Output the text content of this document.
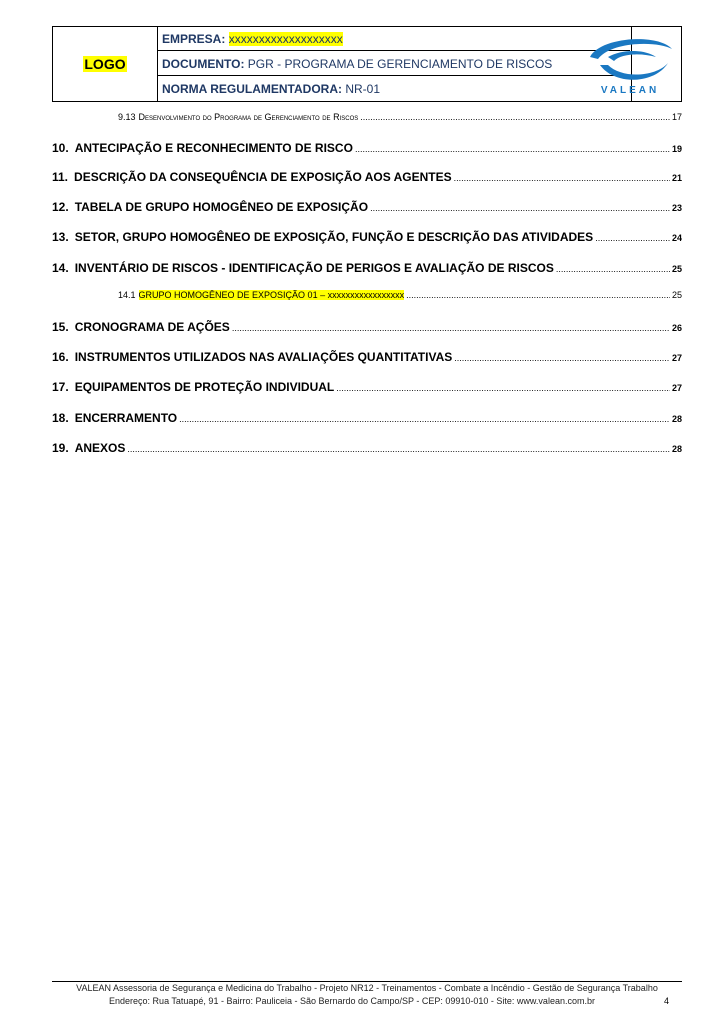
LOGO
EMPRESA: xxxxxxxxxxxxxxxxxxx
DOCUMENTO: PGR - PROGRAMA DE GERENCIAMENTO DE RISCOS
NORMA REGULAMENTADORA: NR-01	VALEAN
9.13 Desenvolvimento do Programa de Gerenciamento de Riscos .....	17
10. ANTECIPAÇÃO E RECONHECIMENTO DE RISCO .....	19
11. DESCRIÇÃO DA CONSEQUÊNCIA DE EXPOSIÇÃO AOS AGENTES .....	21
12. TABELA DE GRUPO HOMOGÊNEO DE EXPOSIÇÃO .....	23
13. SETOR, GRUPO HOMOGÊNEO DE EXPOSIÇÃO, FUNÇÃO E DESCRIÇÃO DAS ATIVIDADES .....	24
14. INVENTÁRIO DE RISCOS - IDENTIFICAÇÃO DE PERIGOS E AVALIAÇÃO DE RISCOS .....	25
14.1 GRUPO HOMOGÊNEO DE EXPOSIÇÃO 01 – xxxxxxxxxxxxxxxxx .....	25
15. CRONOGRAMA DE AÇÕES .....	26
16. INSTRUMENTOS UTILIZADOS NAS AVALIAÇÕES QUANTITATIVAS .....	27
17. EQUIPAMENTOS DE PROTEÇÃO INDIVIDUAL .....	27
18. ENCERRAMENTO .....	28
19. ANEXOS .....	28
VALEAN Assessoria de Segurança e Medicina do Trabalho - Projeto NR12 - Treinamentos - Combate a Incêndio - Gestão de Segurança Trabalho
Endereço: Rua Tatuapé, 91 - Bairro: Pauliceia - São Bernardo do Campo/SP - CEP: 09910-010 - Site: www.valean.com.br	4
